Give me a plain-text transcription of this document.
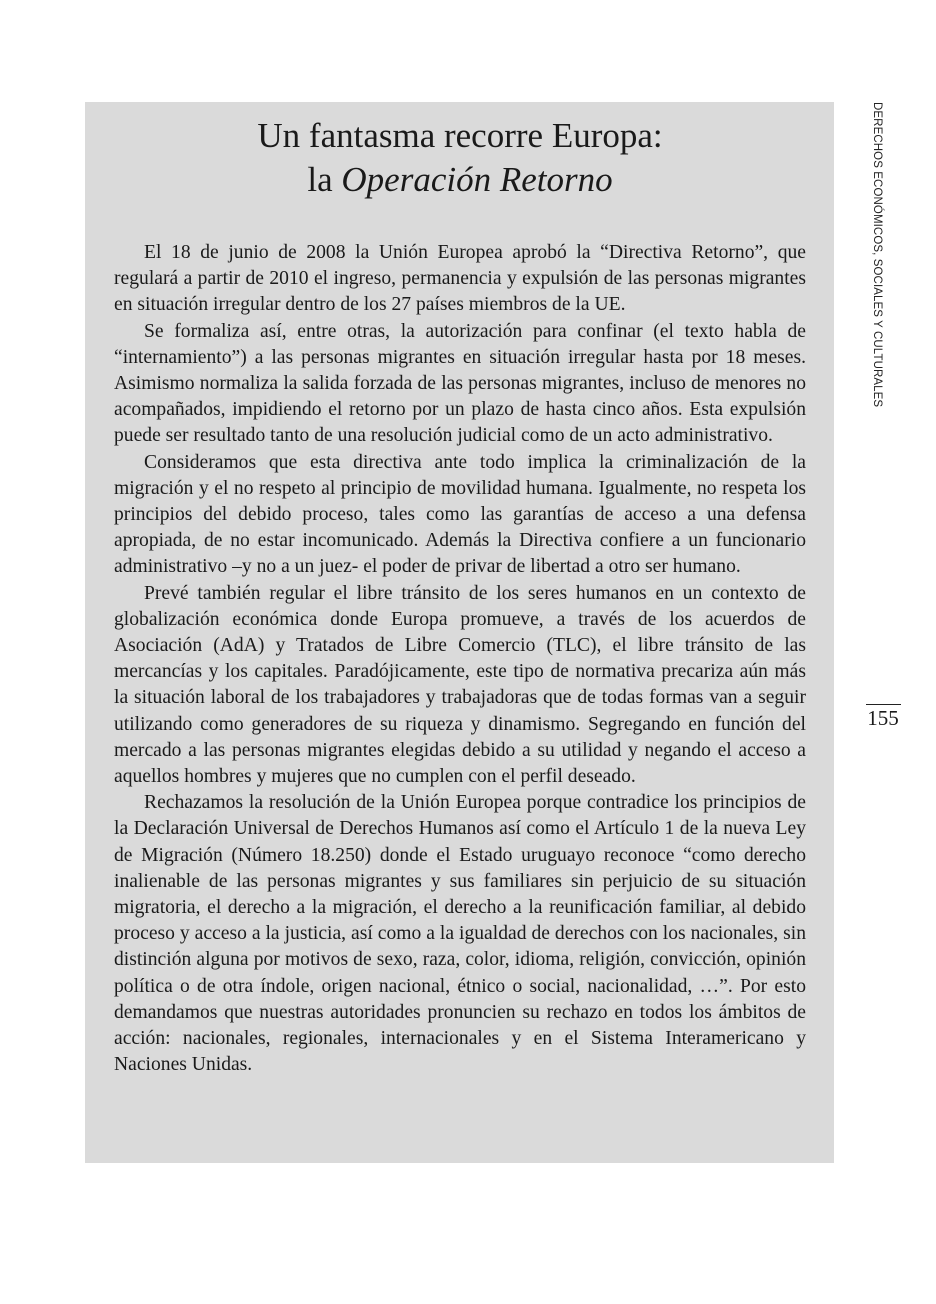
Un fantasma recorre Europa:
la Operación Retorno

El 18 de junio de 2008 la Unión Europea aprobó la “Directiva Retorno”, que regulará a partir de 2010 el ingreso, permanencia y expulsión de las personas migrantes en situación irregular dentro de los 27 países miembros de la UE.

Se formaliza así, entre otras, la autorización para confinar (el texto habla de “internamiento”) a las personas migrantes en situación irregular hasta por 18 meses. Asimismo normaliza la salida forzada de las personas migrantes, incluso de menores no acompañados, impidiendo el retorno por un plazo de hasta cinco años. Esta expulsión puede ser resultado tanto de una resolución judicial como de un acto administrativo.

Consideramos que esta directiva ante todo implica la criminalización de la migración y el no respeto al principio de movilidad humana. Igualmente, no respeta los principios del debido proceso, tales como las garantías de acceso a una defensa apropiada, de no estar incomunicado. Además la Directiva confiere a un funcionario administrativo –y no a un juez- el poder de privar de libertad a otro ser humano.

Prevé también regular el libre tránsito de los seres humanos en un contexto de globalización económica donde Europa promueve, a través de los acuerdos de Asociación (AdA) y Tratados de Libre Comercio (TLC), el libre tránsito de las mercancías y los capitales. Paradójicamente, este tipo de normativa precariza aún más la situación laboral de los trabajadores y trabajadoras que de todas formas van a seguir utilizando como generadores de su riqueza y dinamismo. Segregando en función del mercado a las personas migrantes elegidas debido a su utilidad y negando el acceso a aquellos hombres y mujeres que no cumplen con el perfil deseado.

Rechazamos la resolución de la Unión Europea porque contradice los principios de la Declaración Universal de Derechos Humanos así como el Artículo 1 de la nueva Ley de Migración (Número 18.250) donde el Estado uruguayo reconoce “como derecho inalienable de las personas migrantes y sus familiares sin perjuicio de su situación migratoria, el derecho a la migración, el derecho a la reunificación familiar, al debido proceso y acceso a la justicia, así como a la igualdad de derechos con los nacionales, sin distinción alguna por motivos de sexo, raza, color, idioma, religión, convicción, opinión política o de otra índole, origen nacional, étnico o social, nacionalidad, …”. Por esto demandamos que nuestras autoridades pronuncien su rechazo en todos los ámbitos de acción: nacionales, regionales, internacionales y en el Sistema Interamericano y Naciones Unidas.

DERECHOS ECONÓMICOS, SOCIALES Y CULTURALES
155
